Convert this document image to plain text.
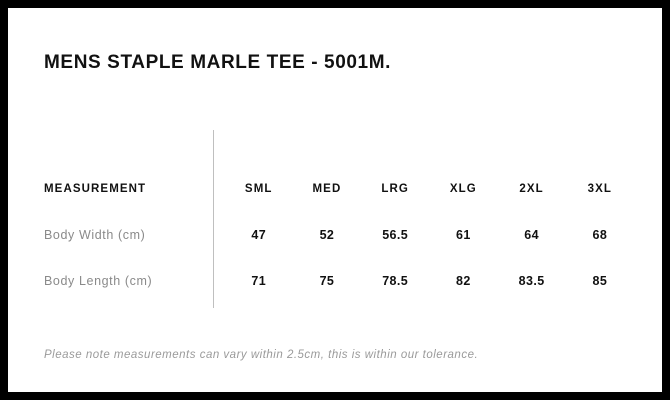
MENS STAPLE MARLE TEE - 5001M.
MEASUREMENT	SML	MED	LRG	XLG	2XL	3XL
Body Width (cm)	47	52	56.5	61	64	68
Body Length (cm)	71	75	78.5	82	83.5	85
Please note measurements can vary within 2.5cm, this is within our tolerance.
